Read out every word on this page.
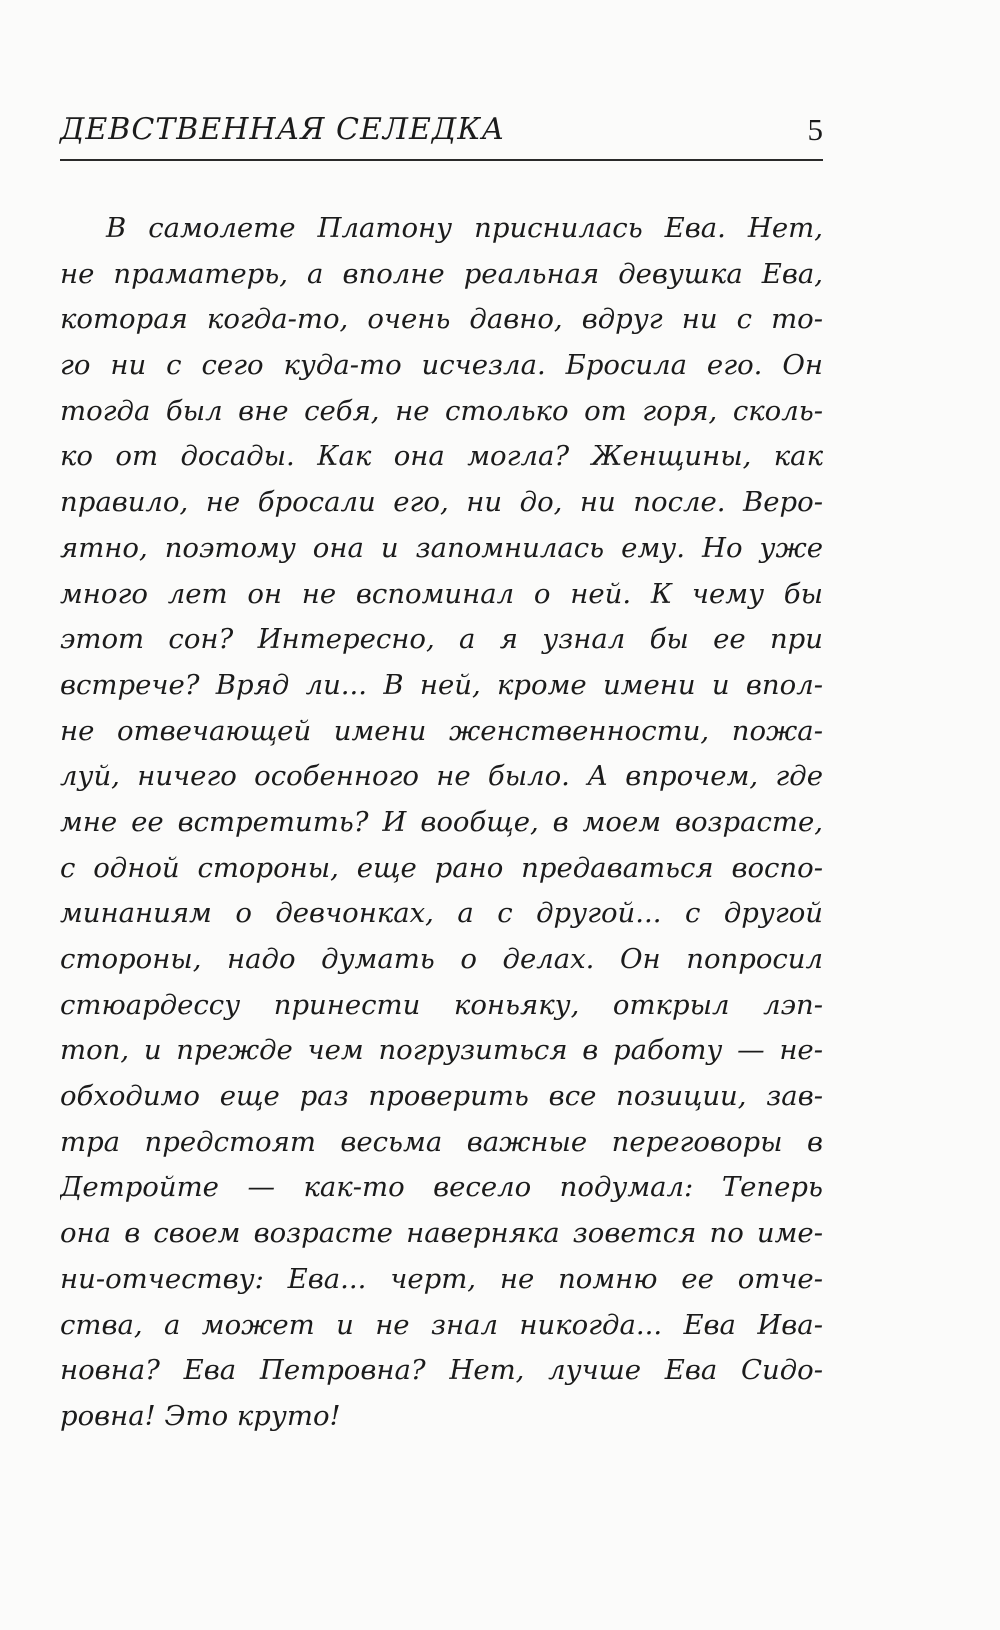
ДЕВСТВЕННАЯ СЕЛЕДКА	5
В самолете Платону приснилась Ева. Нет,
не праматерь, а вполне реальная девушка Ева,
которая когда-то, очень давно, вдруг ни с то-
го ни с сего куда-то исчезла. Бросила его. Он
тогда был вне себя, не столько от горя, сколь-
ко от досады. Как она могла? Женщины, как
правило, не бросали его, ни до, ни после. Веро-
ятно, поэтому она и запомнилась ему. Но уже
много лет он не вспоминал о ней. К чему бы
этот сон? Интересно, а я узнал бы ее при
встрече? Вряд ли... В ней, кроме имени и впол-
не отвечающей имени женственности, пожа-
луй, ничего особенного не было. А впрочем, где
мне ее встретить? И вообще, в моем возрасте,
с одной стороны, еще рано предаваться воспо-
минаниям о девчонках, а с другой... с другой
стороны, надо думать о делах. Он попросил
стюардессу принести коньяку, открыл лэп-
топ, и прежде чем погрузиться в работу — не-
обходимо еще раз проверить все позиции, зав-
тра предстоят весьма важные переговоры в
Детройте — как-то весело подумал: Теперь
она в своем возрасте наверняка зовется по име-
ни-отчеству: Ева... черт, не помню ее отче-
ства, а может и не знал никогда... Ева Ива-
новна? Ева Петровна? Нет, лучше Ева Сидо-
ровна! Это круто!
